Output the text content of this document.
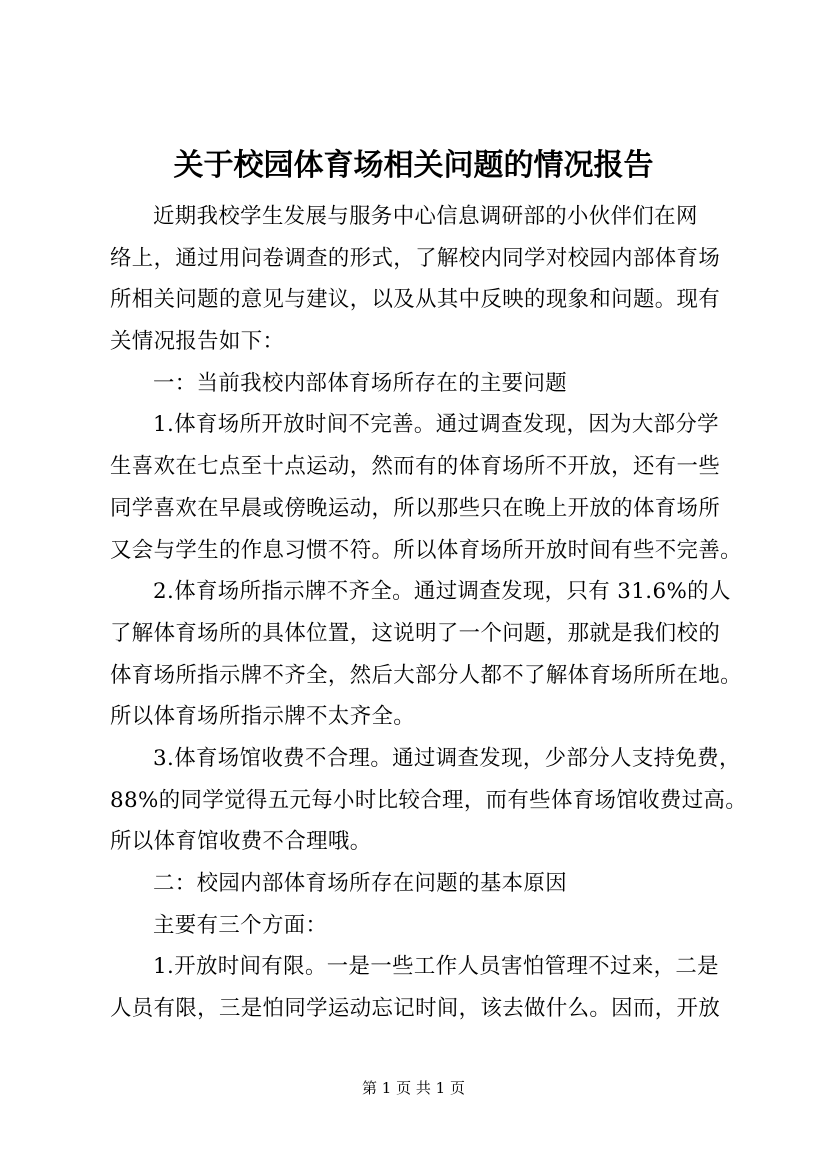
关于校园体育场相关问题的情况报告
近期我校学生发展与服务中心信息调研部的小伙伴们在网
络上，通过用问卷调查的形式，了解校内同学对校园内部体育场
所相关问题的意见与建议，以及从其中反映的现象和问题。现有
关情况报告如下：
一：当前我校内部体育场所存在的主要问题
1.体育场所开放时间不完善。通过调查发现，因为大部分学
生喜欢在七点至十点运动，然而有的体育场所不开放，还有一些
同学喜欢在早晨或傍晚运动，所以那些只在晚上开放的体育场所
又会与学生的作息习惯不符。所以体育场所开放时间有些不完善。
2.体育场所指示牌不齐全。通过调查发现，只有 31.6%的人
了解体育场所的具体位置，这说明了一个问题，那就是我们校的
体育场所指示牌不齐全，然后大部分人都不了解体育场所所在地。
所以体育场所指示牌不太齐全。
3.体育场馆收费不合理。通过调查发现，少部分人支持免费，
88%的同学觉得五元每小时比较合理，而有些体育场馆收费过高。
所以体育馆收费不合理哦。
二：校园内部体育场所存在问题的基本原因
主要有三个方面：
1.开放时间有限。一是一些工作人员害怕管理不过来，二是
人员有限，三是怕同学运动忘记时间，该去做什么。因而，开放
第 1 页 共 1 页
